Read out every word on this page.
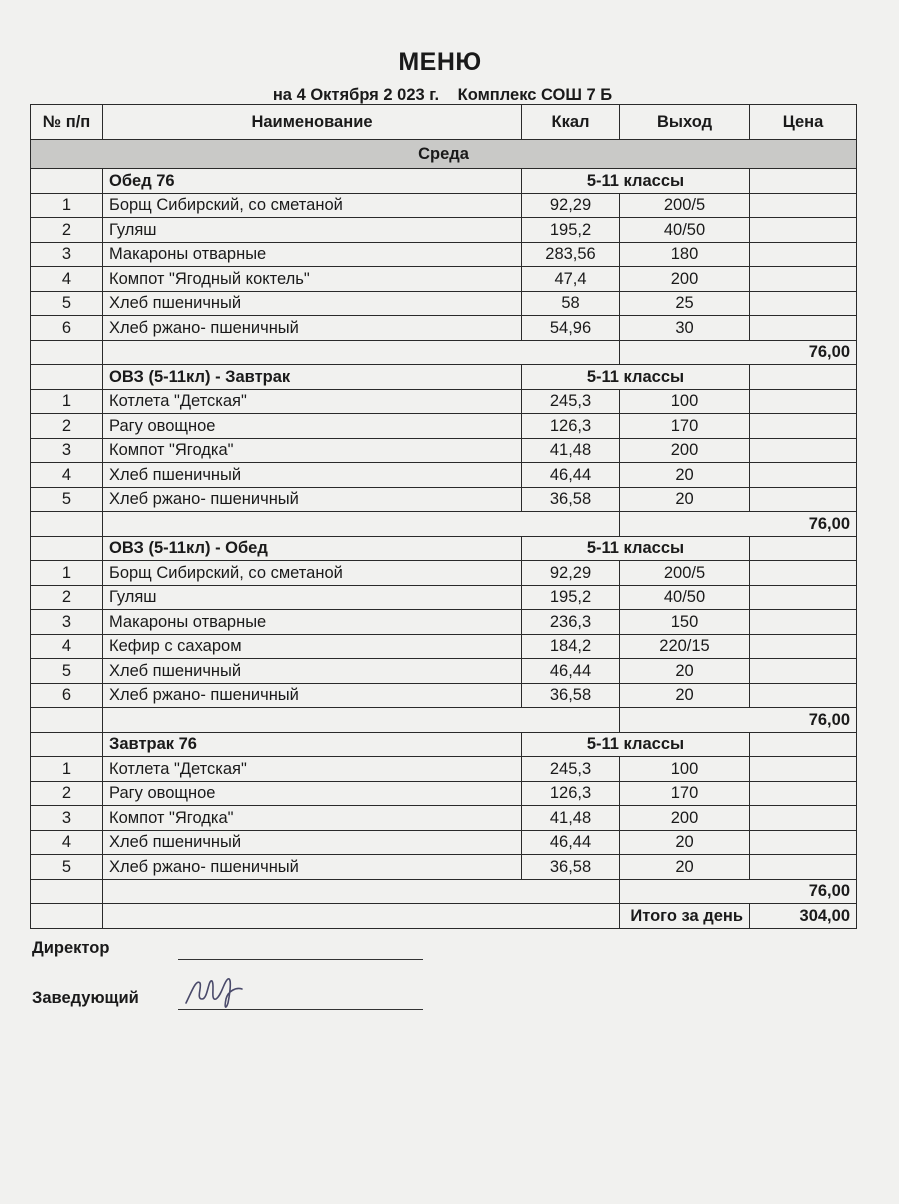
МЕНЮ
на 4 Октября 2 023 г. Комплекс СОШ 7 Б
№ п/п	Наименование	Ккал	Выход	Цена
Среда				
	Обед 76	5-11 классы		
1	Борщ Сибирский, со сметаной	92,29	200/5	
2	Гуляш	195,2	40/50	
3	Макароны отварные	283,56	180	
4	Компот "Ягодный коктель"	47,4	200	
5	Хлеб пшеничный	58	25	
6	Хлеб ржано- пшеничный	54,96	30	
			76,00	
	ОВЗ (5-11кл) - Завтрак	5-11 классы		
1	Котлета "Детская"	245,3	100	
2	Рагу овощное	126,3	170	
3	Компот "Ягодка"	41,48	200	
4	Хлеб пшеничный	46,44	20	
5	Хлеб ржано- пшеничный	36,58	20	
			76,00	
	ОВЗ (5-11кл) - Обед	5-11 классы		
1	Борщ Сибирский, со сметаной	92,29	200/5	
2	Гуляш	195,2	40/50	
3	Макароны отварные	236,3	150	
4	Кефир с сахаром	184,2	220/15	
5	Хлеб пшеничный	46,44	20	
6	Хлеб ржано- пшеничный	36,58	20	
			76,00	
	Завтрак 76	5-11 классы		
1	Котлета "Детская"	245,3	100	
2	Рагу овощное	126,3	170	
3	Компот "Ягодка"	41,48	200	
4	Хлеб пшеничный	46,44	20	
5	Хлеб ржано- пшеничный	36,58	20	
			76,00	
			Итого за день	304,00
Директор
Заведующий
